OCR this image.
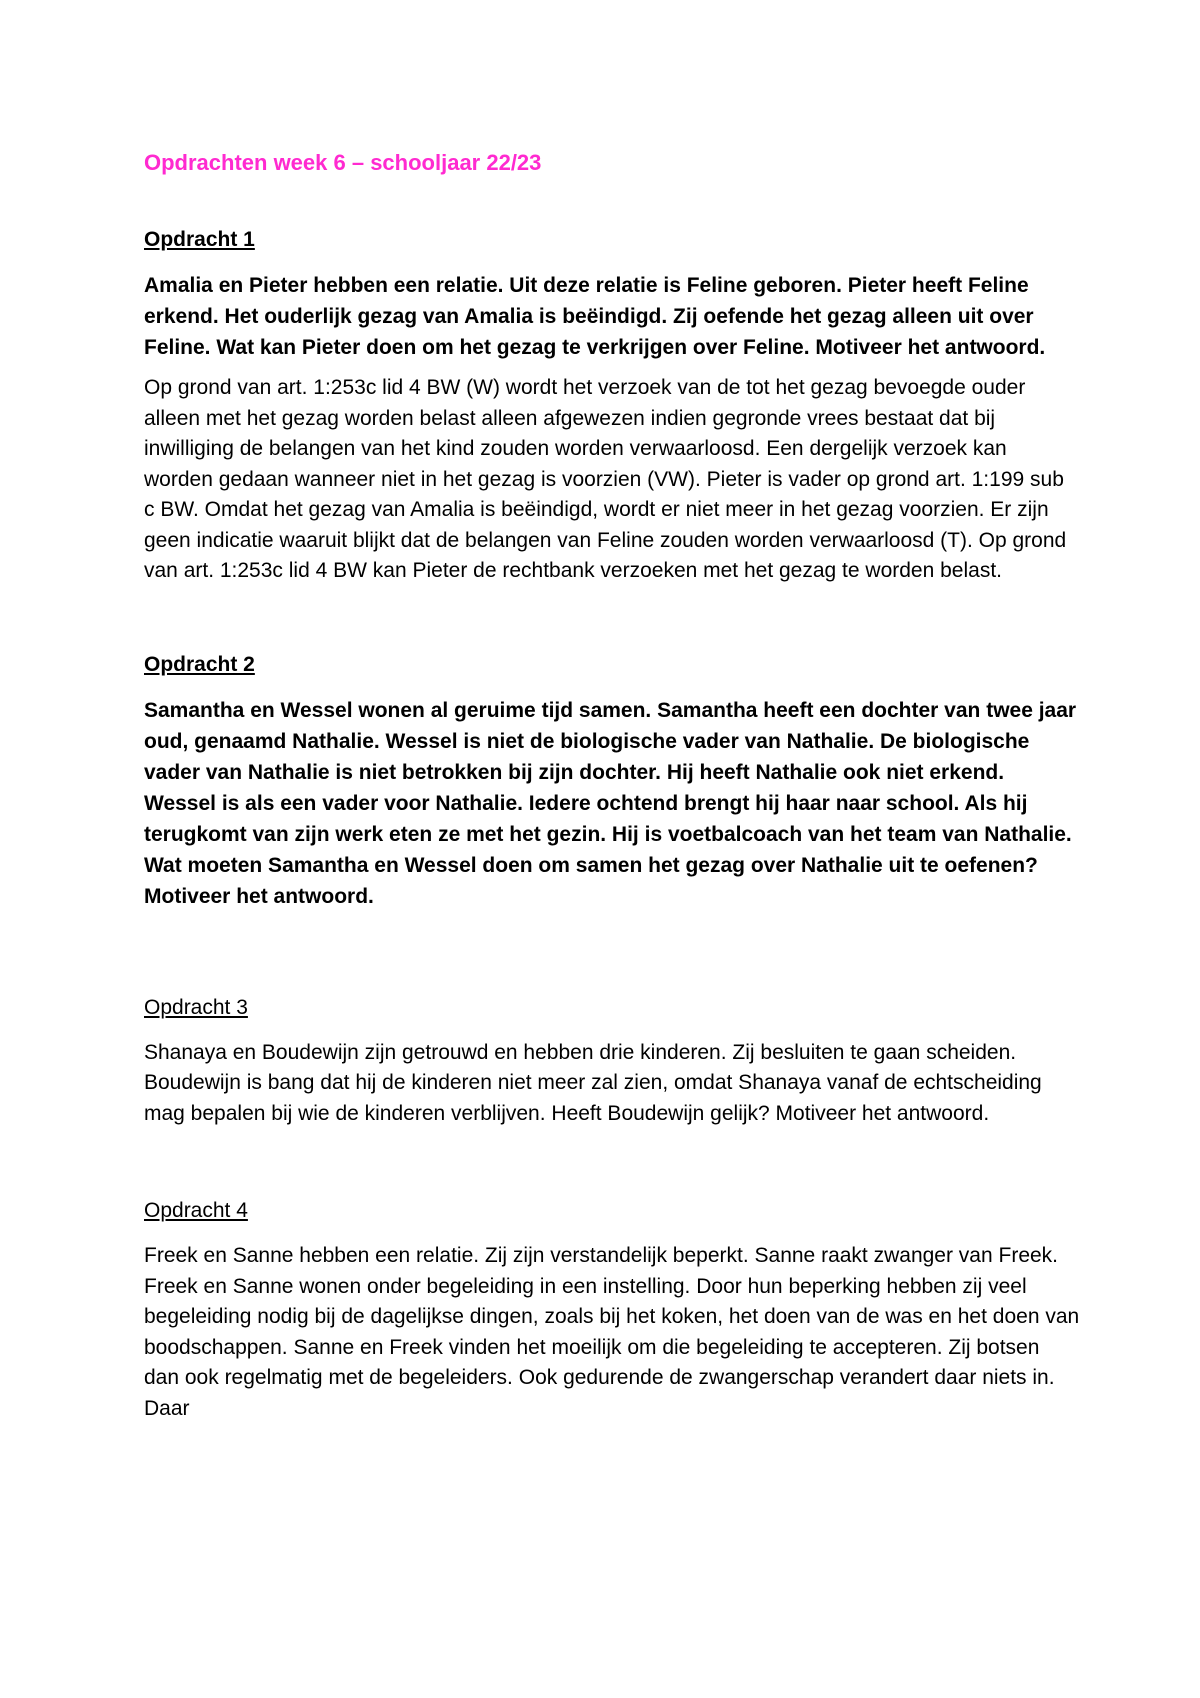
Opdrachten week 6 – schooljaar 22/23
Opdracht 1

Amalia en Pieter hebben een relatie. Uit deze relatie is Feline geboren. Pieter heeft Feline erkend. Het ouderlijk gezag van Amalia is beëindigd. Zij oefende het gezag alleen uit over Feline. Wat kan Pieter doen om het gezag te verkrijgen over Feline. Motiveer het antwoord.

Op grond van art. 1:253c lid 4 BW (W) wordt het verzoek van de tot het gezag bevoegde ouder alleen met het gezag worden belast alleen afgewezen indien gegronde vrees bestaat dat bij inwilliging de belangen van het kind zouden worden verwaarloosd. Een dergelijk verzoek kan worden gedaan wanneer niet in het gezag is voorzien (VW). Pieter is vader op grond art. 1:199 sub c BW. Omdat het gezag van Amalia is beëindigd, wordt er niet meer in het gezag voorzien. Er zijn geen indicatie waaruit blijkt dat de belangen van Feline zouden worden verwaarloosd (T). Op grond van art. 1:253c lid 4 BW kan Pieter de rechtbank verzoeken met het gezag te worden belast.

Opdracht 2

Samantha en Wessel wonen al geruime tijd samen. Samantha heeft een dochter van twee jaar oud, genaamd Nathalie. Wessel is niet de biologische vader van Nathalie. De biologische vader van Nathalie is niet betrokken bij zijn dochter. Hij heeft Nathalie ook niet erkend. Wessel is als een vader voor Nathalie. Iedere ochtend brengt hij haar naar school. Als hij terugkomt van zijn werk eten ze met het gezin. Hij is voetbalcoach van het team van Nathalie. Wat moeten Samantha en Wessel doen om samen het gezag over Nathalie uit te oefenen? Motiveer het antwoord.

Opdracht 3

Shanaya en Boudewijn zijn getrouwd en hebben drie kinderen. Zij besluiten te gaan scheiden. Boudewijn is bang dat hij de kinderen niet meer zal zien, omdat Shanaya vanaf de echtscheiding mag bepalen bij wie de kinderen verblijven. Heeft Boudewijn gelijk? Motiveer het antwoord.

Opdracht 4

Freek en Sanne hebben een relatie. Zij zijn verstandelijk beperkt. Sanne raakt zwanger van Freek. Freek en Sanne wonen onder begeleiding in een instelling. Door hun beperking hebben zij veel begeleiding nodig bij de dagelijkse dingen, zoals bij het koken, het doen van de was en het doen van boodschappen. Sanne en Freek vinden het moeilijk om die begeleiding te accepteren. Zij botsen dan ook regelmatig met de begeleiders. Ook gedurende de zwangerschap verandert daar niets in. Daar
